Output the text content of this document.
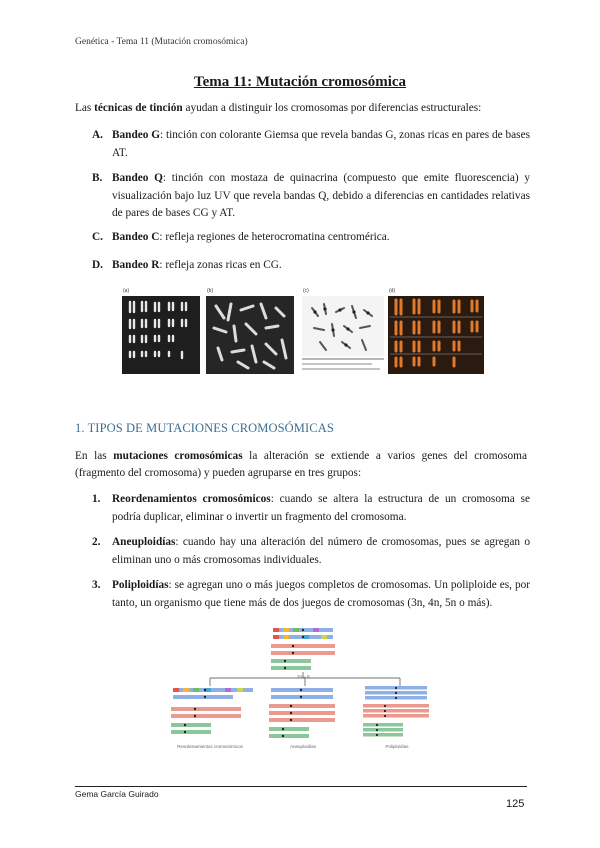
Genética - Tema 11 (Mutación cromosómica)
Tema 11: Mutación cromosómica
Las técnicas de tinción ayudan a distinguir los cromosomas por diferencias estructurales:
A. Bandeo G: tinción con colorante Giemsa que revela bandas G, zonas ricas en pares de bases AT.
B. Bandeo Q: tinción con mostaza de quinacrina (compuesto que emite fluorescencia) y visualización bajo luz UV que revela bandas Q, debido a diferencias en cantidades relativas de pares de bases CG y AT.
C. Bandeo C: refleja regiones de heterocromatina centromérica.
D. Bandeo R: refleja zonas ricas en CG.
(a)	(b)	(c)	(d)
1. TIPOS DE MUTACIONES CROMOSÓMICAS
En las mutaciones cromosómicas la alteración se extiende a varios genes del cromosoma (fragmento del cromosoma) y pueden agruparse en tres grupos:
1. Reordenamientos cromosómicos: cuando se altera la estructura de un cromosoma se podría duplicar, eliminar o invertir un fragmento del cromosoma.
2. Aneuploidías: cuando hay una alteración del número de cromosomas, pues se agregan o eliminan uno o más cromosomas individuales.
3. Poliploidías: se agregan uno o más juegos completos de cromosomas. Un poliploide es, por tanto, un organismo que tiene más de dos juegos de cromosomas (3n, 4n, 5n o más).
2n = 6
Reordenamientos cromosómicos	Aneuploidías	Poliploidías
Gema García Guirado
125
